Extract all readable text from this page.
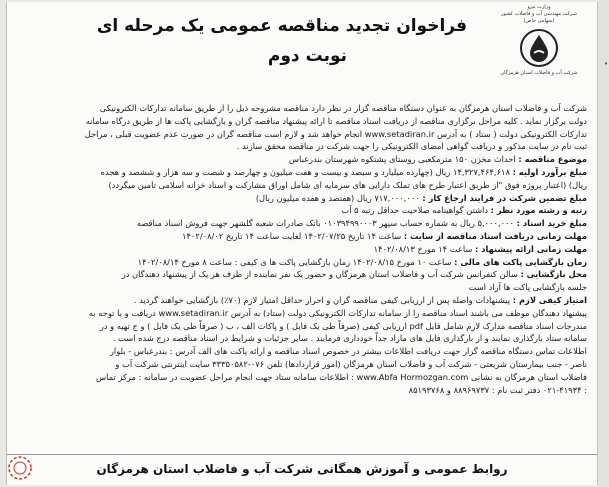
•
وزارت نیرو
شرکت مهندسی آب و فاضلاب کشور
(سهامی خاص)
شرکت آب و فاضلاب استان هرمزگان
فراخوان تجدید مناقصه عمومی یک مرحله ای
نوبت دوم
شرکت آب و فاضلاب استان هرمزگان به عنوان دستگاه مناقصه گزار در نظر دارد مناقصه مشروحه ذیل را از طریق سامانه تدارکات الکترونیکی
دولت برگزار نماید . کلیه مراحل برگزاری مناقصه از دریافت اسناد مناقصه تا ارائه پیشنهاد مناقصه گران و بازگشایی پاکت ها از طریق درگاه سامانه
تدارکات الکترونیکی دولت ( ستاد ) به آدرس www.setadiran.ir انجام خواهد شد و لازم است مناقصه گران در صورت عدم عضویت قبلی ، مراحل
ثبت نام در سایت مذکور و دریافت گواهی امضای الکترونیکی را جهت شرکت در مناقصه محقق سازند .
موضوع مناقصه : احداث مخزن ۱۵۰ مترمکعبی روستای پشتکوه شهرستان بندرعباس
مبلغ برآورد اولیه : ۱۴,۳۲۷,۴۶۴,۶۱۸ ریال (چهارده میلیارد و سیصد و بیست و هفت میلیون و چهارصد و شصت و سه هزار و ششصد و هجده
ریال) (اعتبار پروژه فوق "از طریق اعتبار طرح های تملک دارایی های سرمایه ای شامل اوراق مشارکت و اسناد خزانه اسلامی تامین میگردد)
مبلغ تضمین شرکت در فرایند ارجاع کار : ۷۱۷,۰۰۰,۰۰۰ ریال (هفتصد و هفده میلیون ریال)
رتبه و رشته مورد نظر : داشتن گواهینامه صلاحیت حداقل رتبه ۵ آب
مبلغ خرید اسناد : ۵,۰۰۰,۰۰۰ ریال به شماره حساب سپهر ۰۱۰۳۹۴۹۹۰۰۰۳ بانک صادرات شعبه گلشهر جهت فروش اسناد مناقصه
مهلت زمانی دریافت اسناد مناقصه از سایت : ساعت ۱۴ تاریخ ۱۴۰۲/۰۷/۲۵ لغایت ساعت ۱۴ تاریخ ۱۴۰۲/۰۸/۰۲
مهلت زمانی ارائه پیشنهاد : ساعت ۱۴ مورخ ۱۴۰۲/۰۸/۱۳
زمان بازگشایی پاکت های مالی : ساعت ۱۰ مورخ ۱۴۰۲/۰۸/۱۵ زمان بازگشایی پاکت ها ی کیفی : ساعت ۸ مورخ ۱۴۰۲/۰۸/۱۴
محل بازگشایی : سالن کنفرانس شرکت آب و فاضلاب استان هرمزگان و حضور یک نفر نماینده از طرف هر یک از پیشنهاد دهندگان در
جلسه بازگشایی پاکت ها آزاد است
امتیاز کیفی لازم : پیشنهادات واصله پس از ارزیابی کیفی مناقصه گران و احراز حداقل امتیاز لازم (۷۰٪) بازگشایی خواهند گردید .
پیشنهاد دهندگان موظف می باشند اسناد مناقصه را از سامانه تدارکات الکترونیکی دولت (ستاد) به آدرس www.setadiran.ir دریافت و با توجه به
مندرجات اسناد مناقصه مدارک لازم شامل فایل pdf ارزیابی کیفی (صرفاً طی یک فایل ) و پاکات الف ، ب ( صرفاً طی یک فایل ) و ج تهیه و در
سامانه ستاد بارگذاری نمایند و از بارگذاری فایل های مازاد جداً خودداری فرمایند . سایر جزئیات و شرایط در اسناد مناقصه درج شده است .
اطلاعات تماس دستگاه مناقصه گزار جهت دریافت اطلاعات بیشتر در خصوص اسناد مناقصه و ارائه پاکت های الف آدرس : بندرعباس - بلوار
ناصر - جنب بیمارستان شریعتی - شرکت آب و فاضلاب استان هرمزگان (امور قراردادها) تلفن ۰۷۶-۳۳۳۵۰۵۸۲ سایت اینترنتی شرکت آب و
فاضلاب استان هرمزگان به نشانی www.Abfa Hormozgan.com : اطلاعات سامانه ستاد جهت انجام مراحل عضویت در سامانه : مرکز تماس
: ۰۲۱-۴۱۹۳۴ دفتر ثبت نام : ۸۸۹۶۹۷۳۷ و ۸۵۱۹۳۷۶۸
روابط عمومی و آموزش همگانی شرکت آب و فاضلاب استان هرمزگان
